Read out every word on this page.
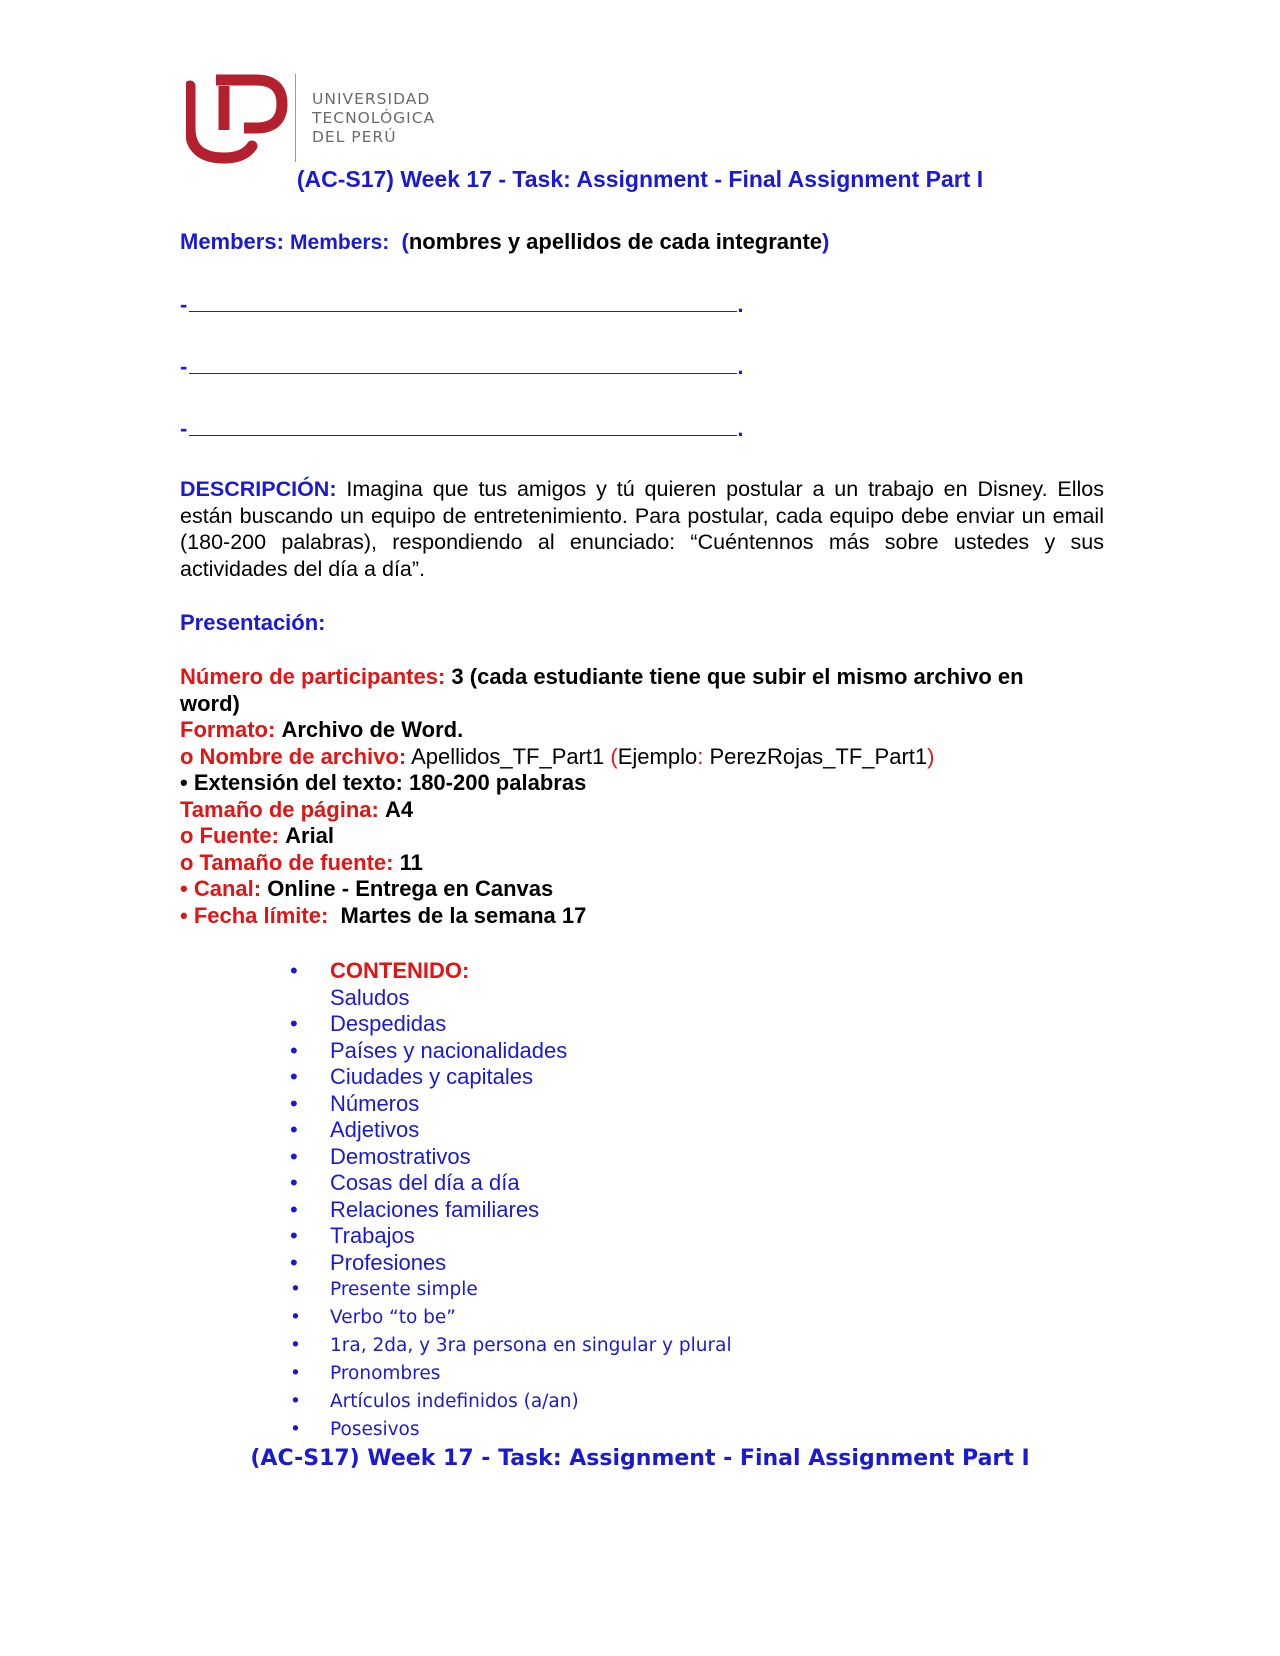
UNIVERSIDAD
TECNOLÓGICA
DEL PERÚ
(AC-S17) Week 17 - Task: Assignment - Final Assignment Part I
Members: Members: (nombres y apellidos de cada integrante)
-	.
-	.
-	.
DESCRIPCIÓN: Imagina que tus amigos y tú quieren postular a un trabajo en Disney. Ellos están buscando un equipo de entretenimiento. Para postular, cada equipo debe enviar un email (180-200 palabras), respondiendo al enunciado: “Cuéntennos más sobre ustedes y sus actividades del día a día”.
Presentación:

Número de participantes: 3 (cada estudiante tiene que subir el mismo archivo en word)

Formato: Archivo de Word.

o Nombre de archivo: Apellidos_TF_Part1 (Ejemplo: PerezRojas_TF_Part1)

• Extensión del texto: 180-200 palabras

Tamaño de página: A4

o Fuente: Arial

o Tamaño de fuente: 11

• Canal: Online - Entrega en Canvas

• Fecha límite: Martes de la semana 17

• CONTENIDO:
Saludos
• Despedidas
• Países y nacionalidades
• Ciudades y capitales
• Números
• Adjetivos
• Demostrativos
• Cosas del día a día
• Relaciones familiares
• Trabajos
• Profesiones
• Presente simple
• Verbo “to be”
• 1ra, 2da, y 3ra persona en singular y plural
• Pronombres
• Artículos indefinidos (a/an)
• Posesivos
(AC-S17) Week 17 - Task: Assignment - Final Assignment Part I
